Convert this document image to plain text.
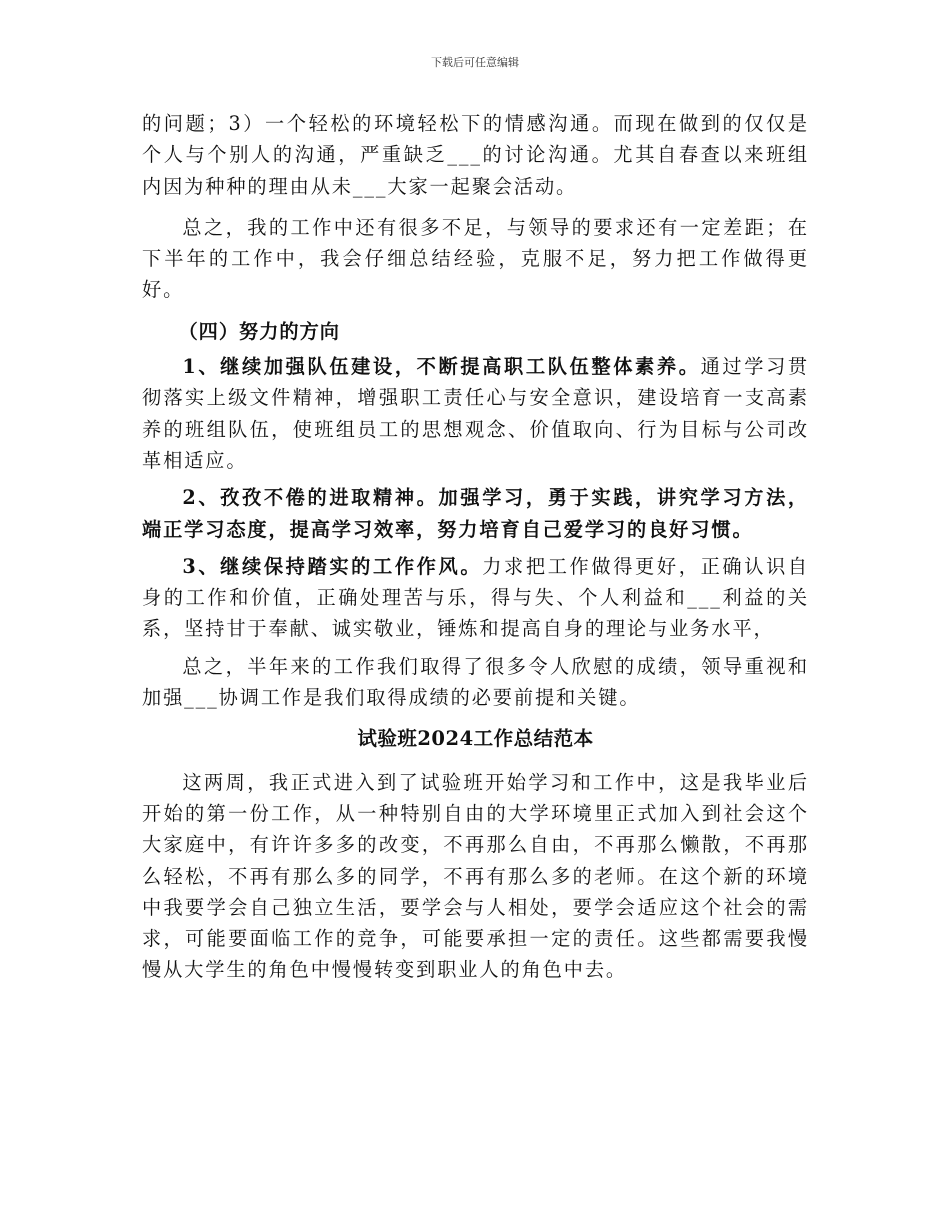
下载后可任意编辑

的问题；3）一个轻松的环境轻松下的情感沟通。而现在做到的仅仅是个人与个别人的沟通，严重缺乏___的讨论沟通。尤其自春查以来班组内因为种种的理由从未___大家一起聚会活动。

总之，我的工作中还有很多不足，与领导的要求还有一定差距；在下半年的工作中，我会仔细总结经验，克服不足，努力把工作做得更好。

（四）努力的方向

1、继续加强队伍建设，不断提高职工队伍整体素养。通过学习贯彻落实上级文件精神，增强职工责任心与安全意识，建设培育一支高素养的班组队伍，使班组员工的思想观念、价值取向、行为目标与公司改革相适应。

2、孜孜不倦的进取精神。加强学习，勇于实践，讲究学习方法，端正学习态度，提高学习效率，努力培育自己爱学习的良好习惯。

3、继续保持踏实的工作作风。力求把工作做得更好，正确认识自身的工作和价值，正确处理苦与乐，得与失、个人利益和___利益的关系，坚持甘于奉献、诚实敬业，锤炼和提高自身的理论与业务水平，

总之，半年来的工作我们取得了很多令人欣慰的成绩，领导重视和加强___协调工作是我们取得成绩的必要前提和关键。

试验班2024工作总结范本

这两周，我正式进入到了试验班开始学习和工作中，这是我毕业后开始的第一份工作，从一种特别自由的大学环境里正式加入到社会这个大家庭中，有许许多多的改变，不再那么自由，不再那么懒散，不再那么轻松，不再有那么多的同学，不再有那么多的老师。在这个新的环境中我要学会自己独立生活，要学会与人相处，要学会适应这个社会的需求，可能要面临工作的竞争，可能要承担一定的责任。这些都需要我慢慢从大学生的角色中慢慢转变到职业人的角色中去。
